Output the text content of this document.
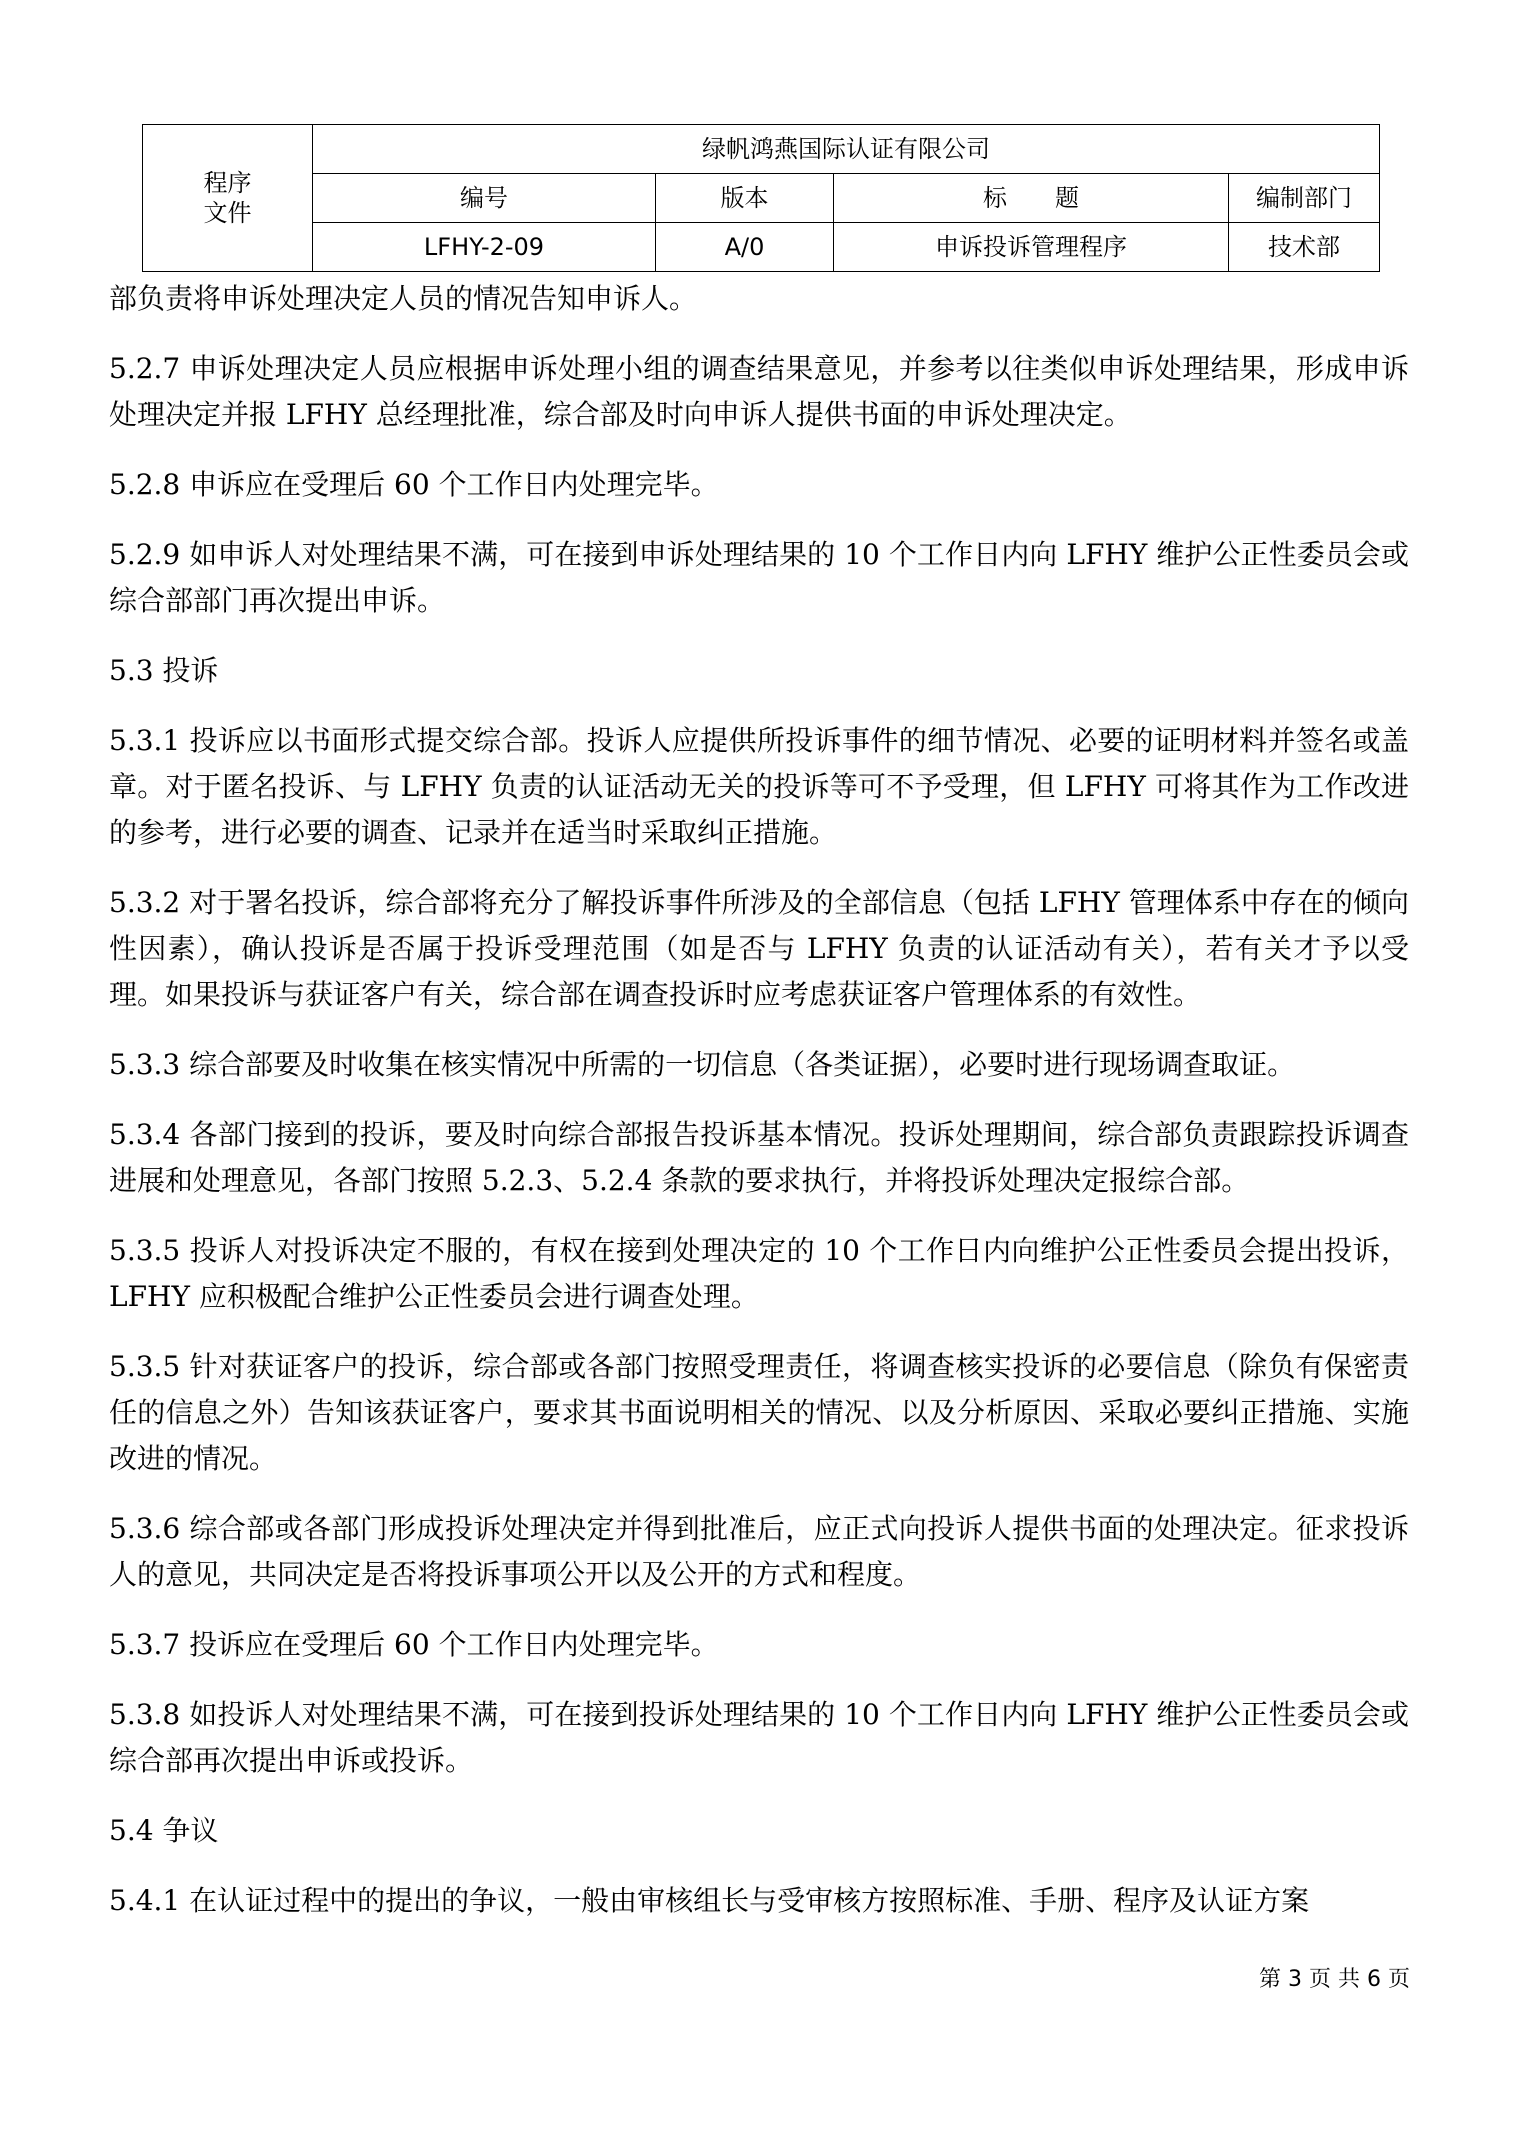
程序
文件	绿帆鸿燕国际认证有限公司			
	编号	版本	标　　题	编制部门
	LFHY-2-09	A/0	申诉投诉管理程序	技术部

部负责将申诉处理决定人员的情况告知申诉人。

5.2.7 申诉处理决定人员应根据申诉处理小组的调查结果意见，并参考以往类似申诉处理结果，形成申诉处理决定并报 LFHY 总经理批准，综合部及时向申诉人提供书面的申诉处理决定。

5.2.8 申诉应在受理后 60 个工作日内处理完毕。

5.2.9 如申诉人对处理结果不满，可在接到申诉处理结果的 10 个工作日内向 LFHY 维护公正性委员会或综合部部门再次提出申诉。

5.3 投诉

5.3.1 投诉应以书面形式提交综合部。投诉人应提供所投诉事件的细节情况、必要的证明材料并签名或盖章。对于匿名投诉、与 LFHY 负责的认证活动无关的投诉等可不予受理，但 LFHY 可将其作为工作改进的参考，进行必要的调查、记录并在适当时采取纠正措施。

5.3.2 对于署名投诉，综合部将充分了解投诉事件所涉及的全部信息（包括 LFHY 管理体系中存在的倾向性因素），确认投诉是否属于投诉受理范围（如是否与 LFHY 负责的认证活动有关），若有关才予以受理。如果投诉与获证客户有关，综合部在调查投诉时应考虑获证客户管理体系的有效性。

5.3.3 综合部要及时收集在核实情况中所需的一切信息（各类证据），必要时进行现场调查取证。

5.3.4 各部门接到的投诉，要及时向综合部报告投诉基本情况。投诉处理期间，综合部负责跟踪投诉调查进展和处理意见，各部门按照 5.2.3、5.2.4 条款的要求执行，并将投诉处理决定报综合部。

5.3.5 投诉人对投诉决定不服的，有权在接到处理决定的 10 个工作日内向维护公正性委员会提出投诉，LFHY 应积极配合维护公正性委员会进行调查处理。

5.3.5 针对获证客户的投诉，综合部或各部门按照受理责任，将调查核实投诉的必要信息（除负有保密责任的信息之外）告知该获证客户，要求其书面说明相关的情况、以及分析原因、采取必要纠正措施、实施改进的情况。

5.3.6 综合部或各部门形成投诉处理决定并得到批准后，应正式向投诉人提供书面的处理决定。征求投诉人的意见，共同决定是否将投诉事项公开以及公开的方式和程度。

5.3.7 投诉应在受理后 60 个工作日内处理完毕。

5.3.8 如投诉人对处理结果不满，可在接到投诉处理结果的 10 个工作日内向 LFHY 维护公正性委员会或综合部再次提出申诉或投诉。

5.4 争议

5.4.1 在认证过程中的提出的争议，一般由审核组长与受审核方按照标准、手册、程序及认证方案

第 3 页 共 6 页
